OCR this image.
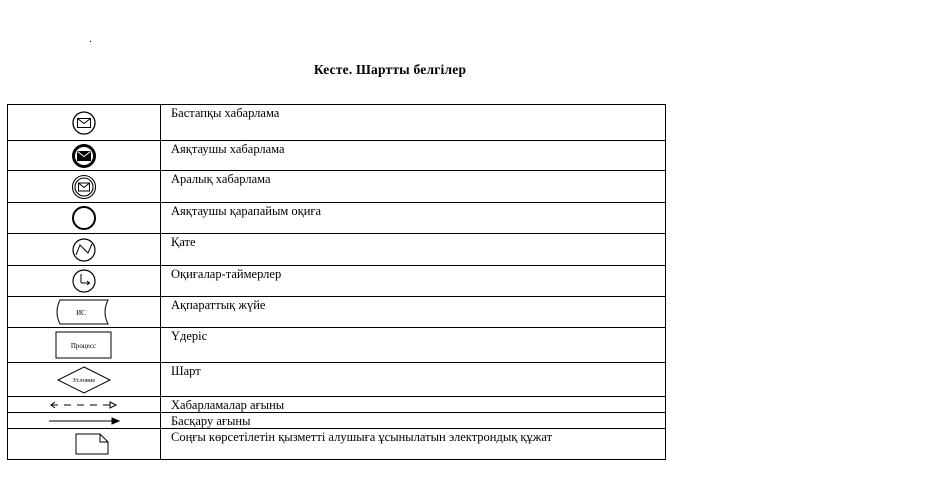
.
Кесте. Шартты белгілер
	Бастапқы хабарлама

	Аяқтаушы хабарлама

	Аралық хабарлама

	Аяқтаушы қарапайым оқиға

	Қате

	Оқиғалар-таймерлер

ИС	Ақпараттық жүйе

Процесс	Үдеріс

Условие	Шарт

	Хабарламалар ағыны

	Басқару ағыны

	Соңғы көрсетілетін қызметті алушыға ұсынылатын электрондық құжат
